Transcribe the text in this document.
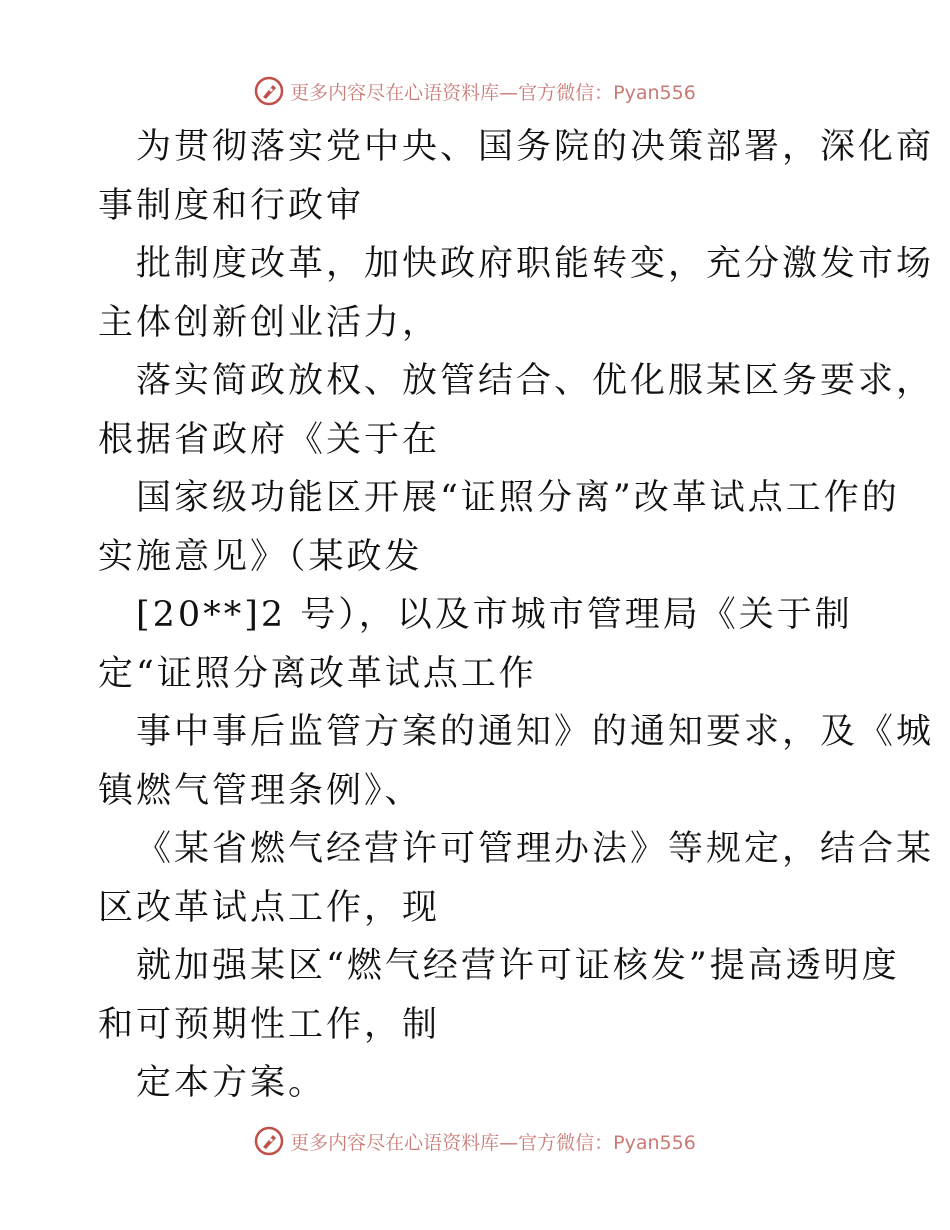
更多内容尽在心语资料库—官方微信：Pyan556
为贯彻落实党中央、国务院的决策部署，深化商
事制度和行政审
批制度改革，加快政府职能转变，充分激发市场
主体创新创业活力，
落实简政放权、放管结合、优化服某区务要求，
根据省政府《关于在
国家级功能区开展“证照分离”改革试点工作的
实施意见》（某政发
[20**]2 号），以及市城市管理局《关于制
定“证照分离改革试点工作
事中事后监管方案的通知》的通知要求，及《城
镇燃气管理条例》、
《某省燃气经营许可管理办法》等规定，结合某
区改革试点工作，现
就加强某区“燃气经营许可证核发”提高透明度
和可预期性工作，制
定本方案。
更多内容尽在心语资料库—官方微信：Pyan556
